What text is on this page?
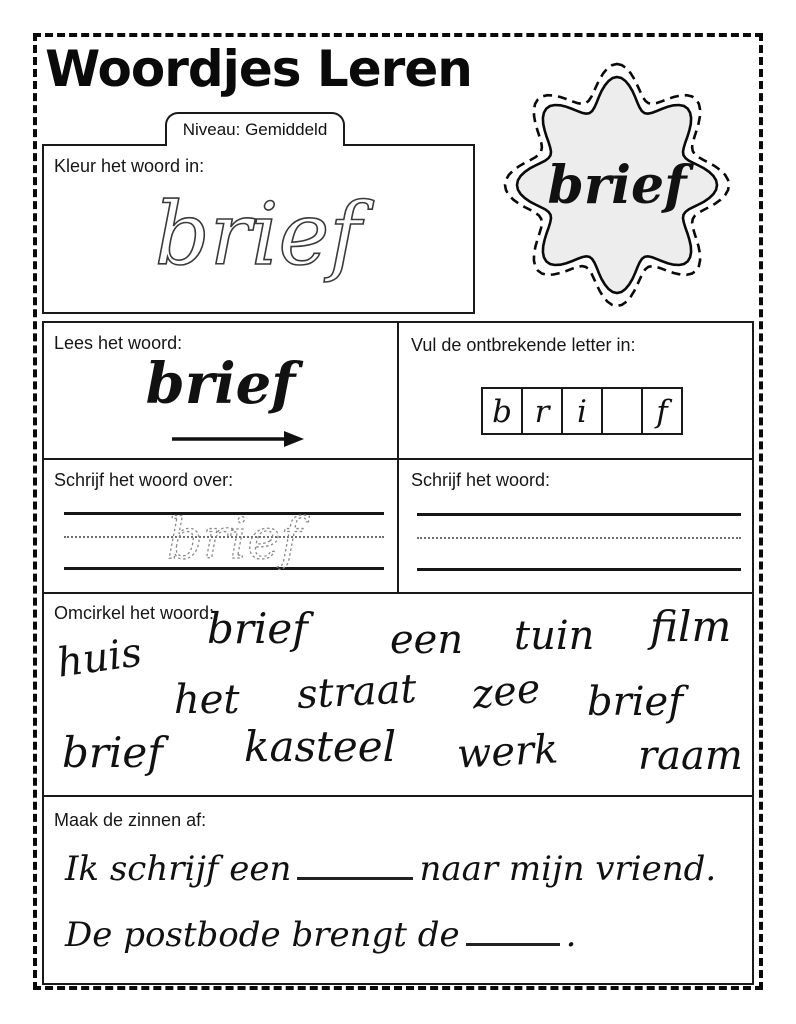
Woordjes Leren
Niveau: Gemiddeld
Kleur het woord in:
brief	brief
Lees het woord:
brief
Vul de ontbrekende letter in:
b r i	f
Schrijf het woord over:
brief
Schrijf het woord:
Omcirkel het woord:
huis
brief een tuin film
het straat zee brief
brief kasteel werk raam
Maak de zinnen af:
Ik schrijf een	naar mijn vriend.
De postbode brengt de	.
